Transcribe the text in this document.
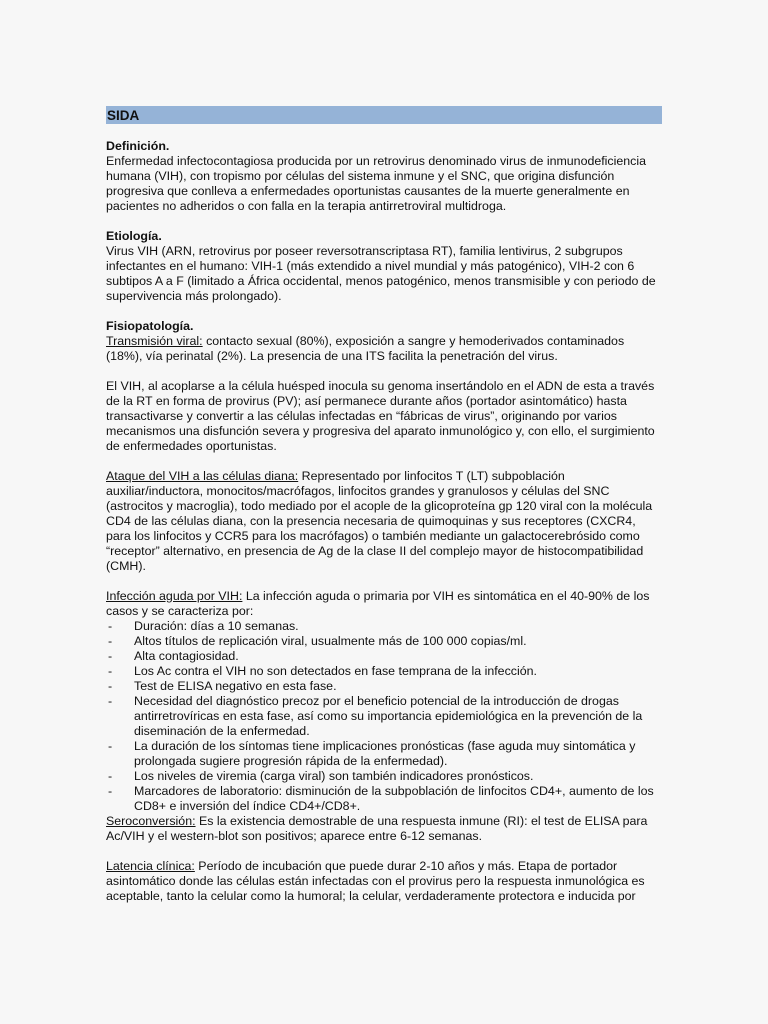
SIDA

Definición.

Enfermedad infectocontagiosa producida por un retrovirus denominado virus de inmunodeficiencia humana (VIH), con tropismo por células del sistema inmune y el SNC, que origina disfunción progresiva que conlleva a enfermedades oportunistas causantes de la muerte generalmente en pacientes no adheridos o con falla en la terapia antirretroviral multidroga.

Etiología.

Virus VIH (ARN, retrovirus por poseer reversotranscriptasa RT), familia lentivirus, 2 subgrupos infectantes en el humano: VIH-1 (más extendido a nivel mundial y más patogénico), VIH-2 con 6 subtipos A a F (limitado a África occidental, menos patogénico, menos transmisible y con periodo de supervivencia más prolongado).

Fisiopatología.

Transmisión viral: contacto sexual (80%), exposición a sangre y hemoderivados contaminados (18%), vía perinatal (2%). La presencia de una ITS facilita la penetración del virus.

El VIH, al acoplarse a la célula huésped inocula su genoma insertándolo en el ADN de esta a través de la RT en forma de provirus (PV); así permanece durante años (portador asintomático) hasta transactivarse y convertir a las células infectadas en “fábricas de virus”, originando por varios mecanismos una disfunción severa y progresiva del aparato inmunológico y, con ello, el surgimiento de enfermedades oportunistas.

Ataque del VIH a las células diana: Representado por linfocitos T (LT) subpoblación auxiliar/inductora, monocitos/macrófagos, linfocitos grandes y granulosos y células del SNC (astrocitos y macroglia), todo mediado por el acople de la glicoproteína gp 120 viral con la molécula CD4 de las células diana, con la presencia necesaria de quimoquinas y sus receptores (CXCR4, para los linfocitos y CCR5 para los macrófagos) o también mediante un galactocerebrósido como “receptor” alternativo, en presencia de Ag de la clase II del complejo mayor de histocompatibilidad (CMH).

Infección aguda por VIH: La infección aguda o primaria por VIH es sintomática en el 40-90% de los casos y se caracteriza por:

- Duración: días a 10 semanas.
- Altos títulos de replicación viral, usualmente más de 100 000 copias/ml.
- Alta contagiosidad.
- Los Ac contra el VIH no son detectados en fase temprana de la infección.
- Test de ELISA negativo en esta fase.
- Necesidad del diagnóstico precoz por el beneficio potencial de la introducción de drogas antirretrovíricas en esta fase, así como su importancia epidemiológica en la prevención de la diseminación de la enfermedad.
- La duración de los síntomas tiene implicaciones pronósticas (fase aguda muy sintomática y prolongada sugiere progresión rápida de la enfermedad).
- Los niveles de viremia (carga viral) son también indicadores pronósticos.
- Marcadores de laboratorio: disminución de la subpoblación de linfocitos CD4+, aumento de los CD8+ e inversión del índice CD4+/CD8+.

Seroconversión: Es la existencia demostrable de una respuesta inmune (RI): el test de ELISA para Ac/VIH y el western-blot son positivos; aparece entre 6-12 semanas.

Latencia clínica: Período de incubación que puede durar 2-10 años y más. Etapa de portador asintomático donde las células están infectadas con el provirus pero la respuesta inmunológica es aceptable, tanto la celular como la humoral; la celular, verdaderamente protectora e inducida por
